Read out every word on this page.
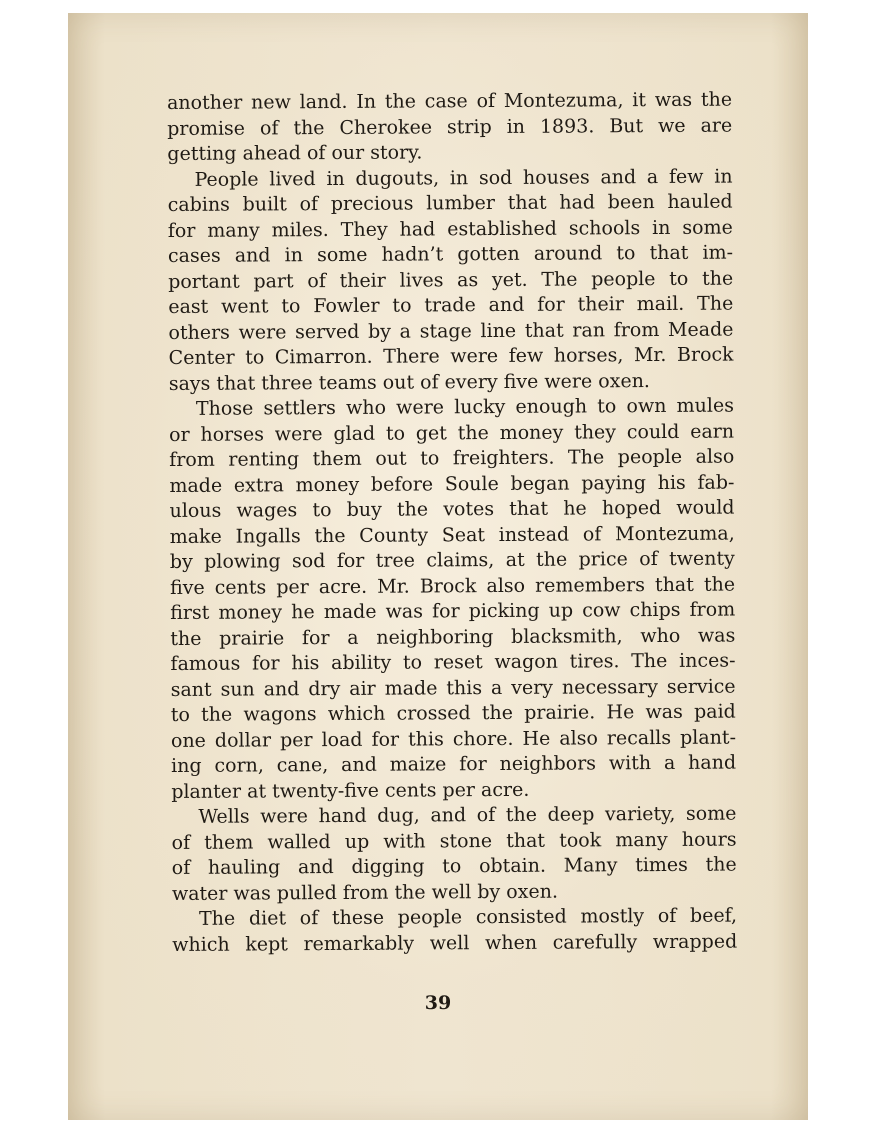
another new land. In the case of Montezuma, it was the
promise of the Cherokee strip in 1893. But we are
getting ahead of our story.
People lived in dugouts, in sod houses and a few in
cabins built of precious lumber that had been hauled
for many miles. They had established schools in some
cases and in some hadn’t gotten around to that im-
portant part of their lives as yet. The people to the
east went to Fowler to trade and for their mail. The
others were served by a stage line that ran from Meade
Center to Cimarron. There were few horses, Mr. Brock
says that three teams out of every five were oxen.
Those settlers who were lucky enough to own mules
or horses were glad to get the money they could earn
from renting them out to freighters. The people also
made extra money before Soule began paying his fab-
ulous wages to buy the votes that he hoped would
make Ingalls the County Seat instead of Montezuma,
by plowing sod for tree claims, at the price of twenty
five cents per acre. Mr. Brock also remembers that the
first money he made was for picking up cow chips from
the prairie for a neighboring blacksmith, who was
famous for his ability to reset wagon tires. The inces-
sant sun and dry air made this a very necessary service
to the wagons which crossed the prairie. He was paid
one dollar per load for this chore. He also recalls plant-
ing corn, cane, and maize for neighbors with a hand
planter at twenty-five cents per acre.
Wells were hand dug, and of the deep variety, some
of them walled up with stone that took many hours
of hauling and digging to obtain. Many times the
water was pulled from the well by oxen.
The diet of these people consisted mostly of beef,
which kept remarkably well when carefully wrapped
39
